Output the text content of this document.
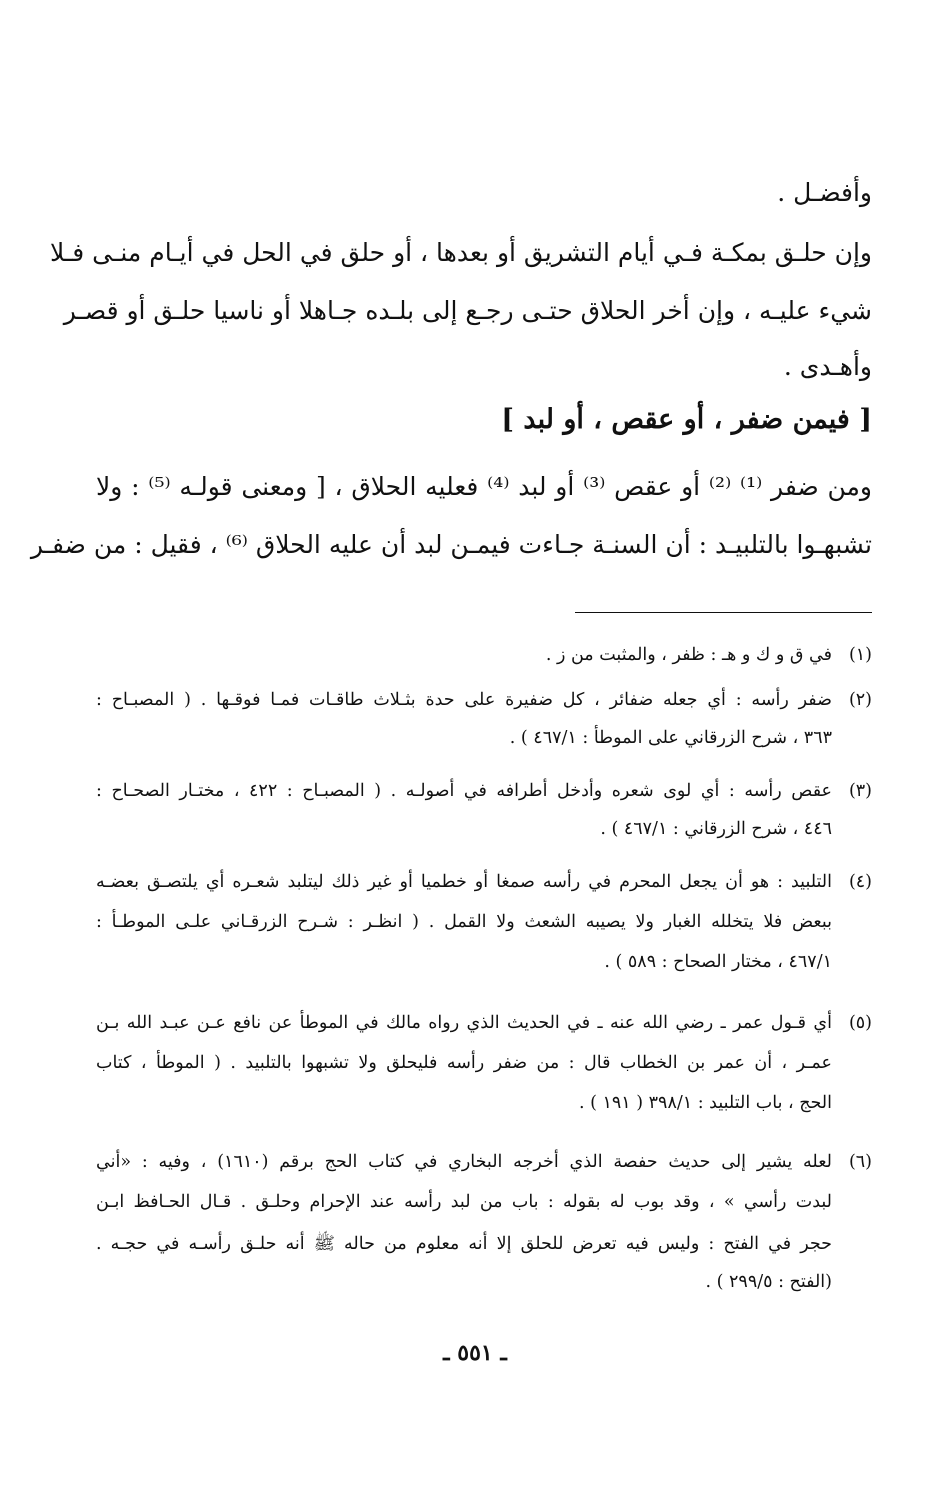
وأفضـل .
وإن حلـق بمكـة فـي أيام التشريق أو بعدها ، أو حلق في الحل في أيـام منـى فـلا
شيء عليـه ، وإن أخر الحلاق حتـى رجـع إلى بلـده جـاهلا أو ناسيا حلـق أو قصـر
وأهـدى .
[ فيمن ضفر ، أو عقص ، أو لبد ]
ومن ضفر ⁽¹⁾ ⁽²⁾ أو عقص ⁽³⁾ أو لبد ⁽⁴⁾ فعليه الحلاق ، [ ومعنى قولـه ⁽⁵⁾ : ولا
تشبهـوا بالتلبيـد : أن السنـة جـاءت فيمـن لبد أن عليه الحلاق ⁽⁶⁾ ، فقيل : من ضفـر
(١)
في ق و ك و هـ : ظفر ، والمثبت من ز .
(٢)
ضفر رأسه : أي جعله ضفائر ، كل ضفيرة على حدة بثـلاث طاقـات فمـا فوقـها . ( المصبـاح :
٣٦٣ ، شرح الزرقاني على الموطأ : ٤٦٧/١ ) .
(٣)
عقص رأسه : أي لوى شعره وأدخل أطرافه في أصولـه . ( المصبـاح : ٤٢٢ ، مختـار الصحـاح :
٤٤٦ ، شرح الزرقاني : ٤٦٧/١ ) .
(٤)
التلبيد : هو أن يجعل المحرم في رأسه صمغا أو خطميا أو غير ذلك ليتلبد شعـره أي يلتصـق بعضـه
ببعض فلا يتخلله الغبار ولا يصيبه الشعث ولا القمل . ( انظـر : شـرح الزرقـاني علـى الموطـأ :
٤٦٧/١ ، مختار الصحاح : ٥٨٩ ) .
(٥)
أي قـول عمر ـ رضي الله عنه ـ في الحديث الذي رواه مالك في الموطأ عن نافع عـن عبـد الله بـن
عمـر ، أن عمر بن الخطاب قال : من ضفر رأسه فليحلق ولا تشبهوا بالتلبيد . ( الموطأ ، كتاب
الحج ، باب التلبيد : ٣٩٨/١ ( ١٩١ ) .
(٦)
لعله يشير إلى حديث حفصة الذي أخرجه البخاري في كتاب الحج برقم (١٦١٠) ، وفيه : «أني
لبدت رأسي » ، وقد بوب له بقوله : باب من لبد رأسه عند الإحرام وحلـق . قـال الحـافظ ابـن
حجر في الفتح : وليس فيه تعرض للحلق إلا أنه معلوم من حاله ﷺ أنه حلـق رأسـه في حجـه .
(الفتح : ٢٩٩/٥ ) .
ـ ٥٥١ ـ
